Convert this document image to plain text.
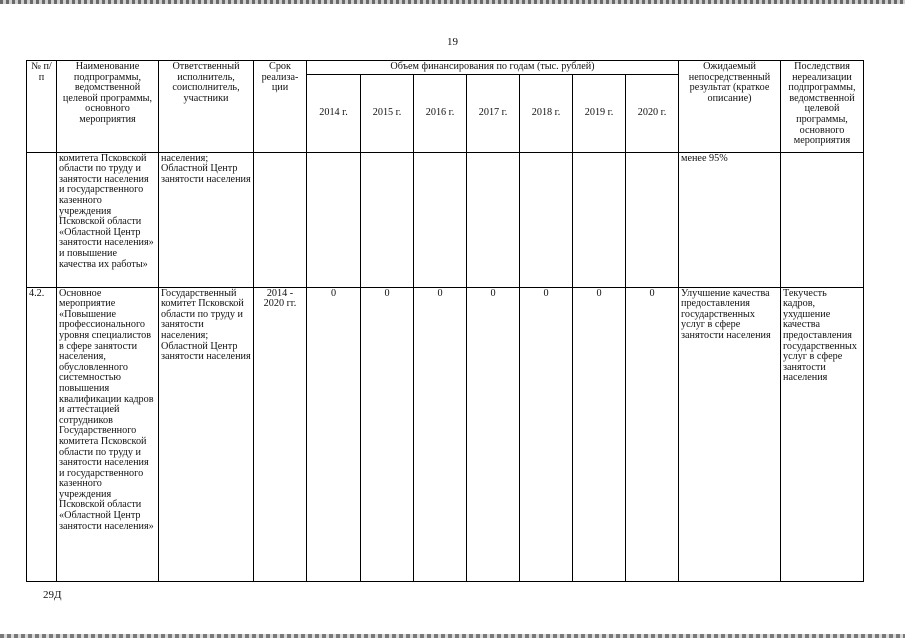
19
№ п/п	Наименование подпрограммы, ведомственной целевой программы, основного мероприятия	Ответственный исполнитель, соисполнитель, участники	Срок реализа-ции	Объем финансирования по годам (тыс. рублей)							Ожидаемый непосредственный результат (краткое описание)	Последствия нереализации подпрограммы, ведомственной целевой программы, основного мероприятия
				2014 г.	2015 г.	2016 г.	2017 г.	2018 г.	2019 г.	2020 г.		
	комитета Псковской области по труду и занятости населения и государственного казенного учреждения Псковской области «Областной Центр занятости населения» и повышение качества их работы»	населения; Областной Центр занятости населения									менее 95%	
4.2.	Основное мероприятие «Повышение профессионального уровня специалистов в сфере занятости населения, обусловленного системностью повышения квалификации кадров и аттестацией сотрудников Государственного комитета Псковской области по труду и занятости населения и государственного казенного учреждения Псковской области «Областной Центр занятости населения»	Государственный комитет Псковской области по труду и занятости населения; Областной Центр занятости населения	2014 - 2020 гг.	0	0	0	0	0	0	0	Улучшение качества предоставления государственных услуг в сфере занятости населения	Текучесть кадров, ухудшение качества предоставления государственных услуг в сфере занятости населения
29Д
